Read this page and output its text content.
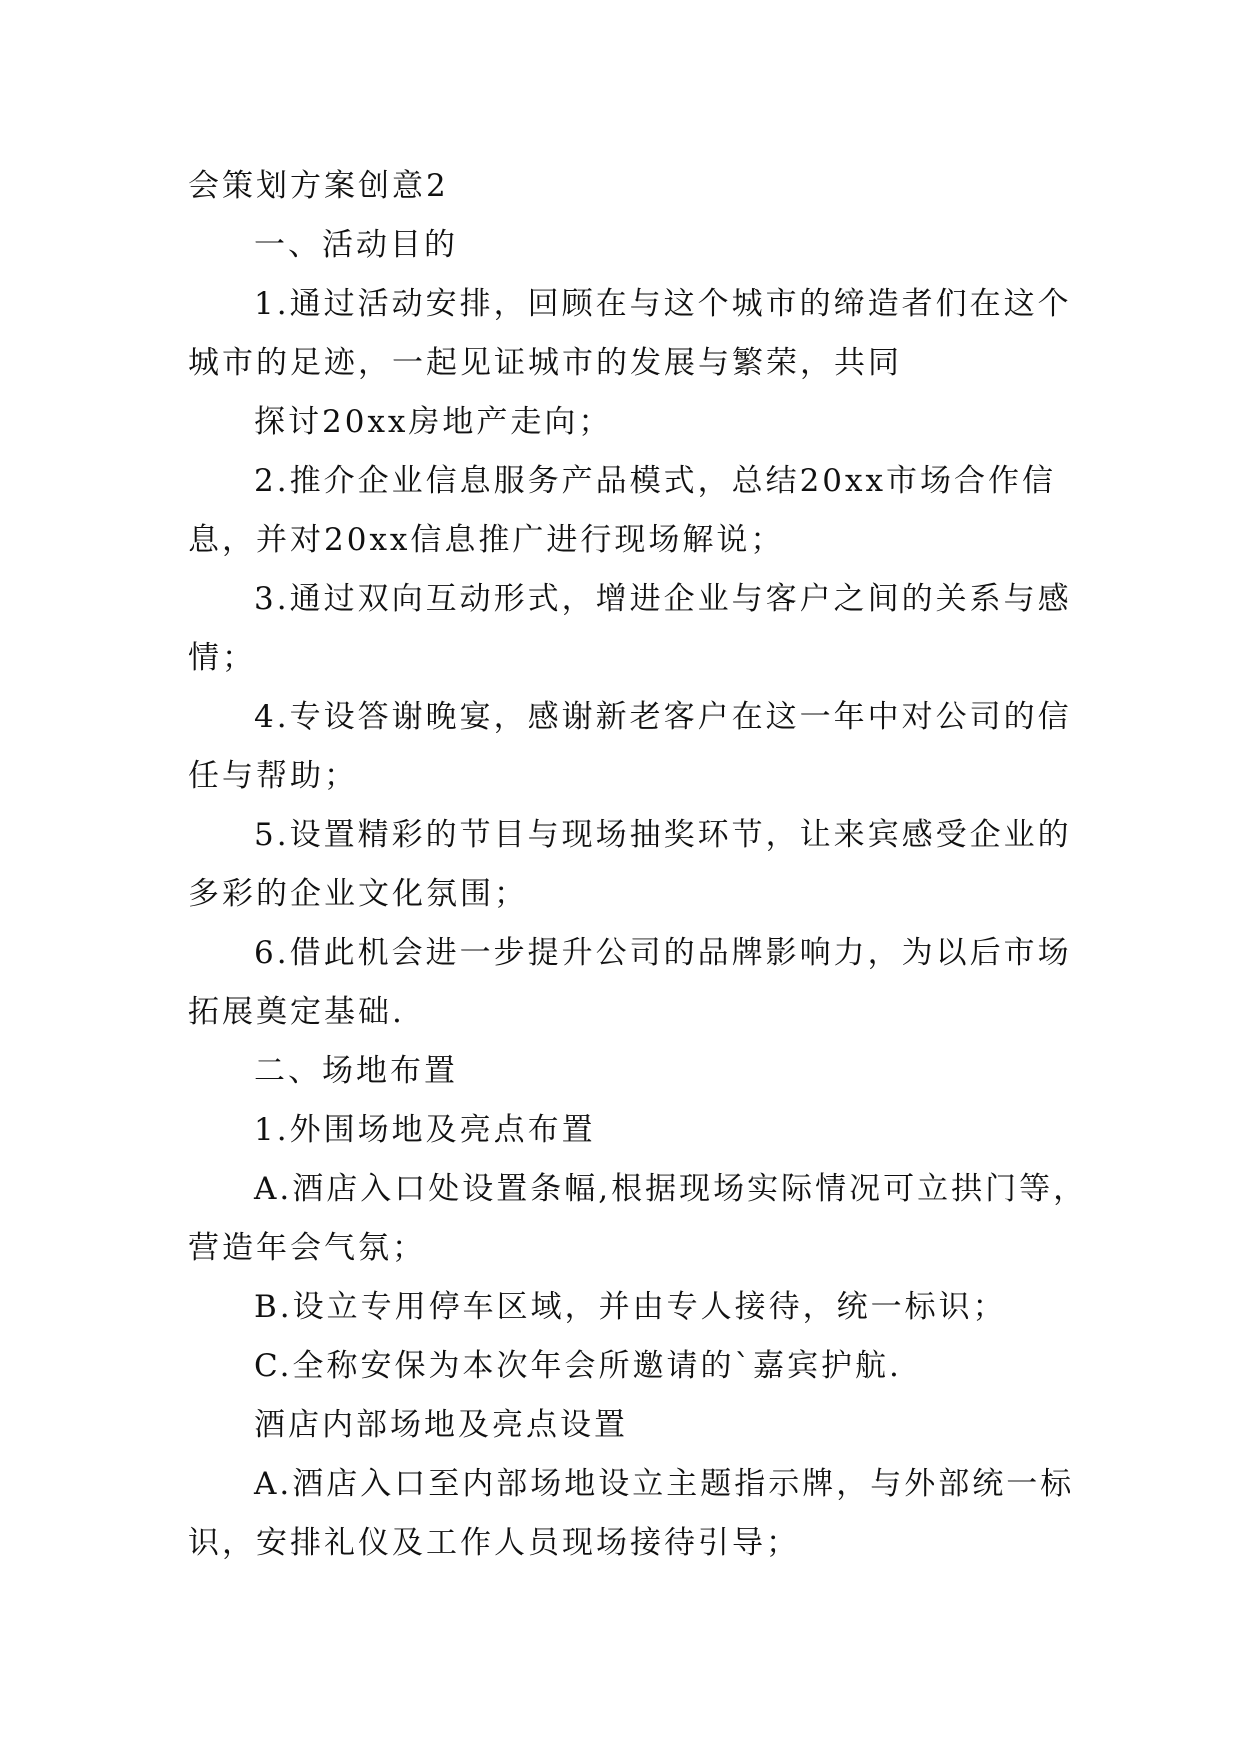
会策划方案创意2
一、活动目的
1.通过活动安排，回顾在与这个城市的缔造者们在这个
城市的足迹，一起见证城市的发展与繁荣，共同
探讨20xx房地产走向；
2.推介企业信息服务产品模式，总结20xx市场合作信
息，并对20xx信息推广进行现场解说；
3.通过双向互动形式，增进企业与客户之间的关系与感
情；
4.专设答谢晚宴，感谢新老客户在这一年中对公司的信
任与帮助；
5.设置精彩的节目与现场抽奖环节，让来宾感受企业的
多彩的企业文化氛围；
6.借此机会进一步提升公司的品牌影响力，为以后市场
拓展奠定基础.
二、场地布置
1.外围场地及亮点布置
A.酒店入口处设置条幅,根据现场实际情况可立拱门等，
营造年会气氛；
B.设立专用停车区域，并由专人接待，统一标识；
C.全称安保为本次年会所邀请的`嘉宾护航.
酒店内部场地及亮点设置
A.酒店入口至内部场地设立主题指示牌，与外部统一标
识，安排礼仪及工作人员现场接待引导；
